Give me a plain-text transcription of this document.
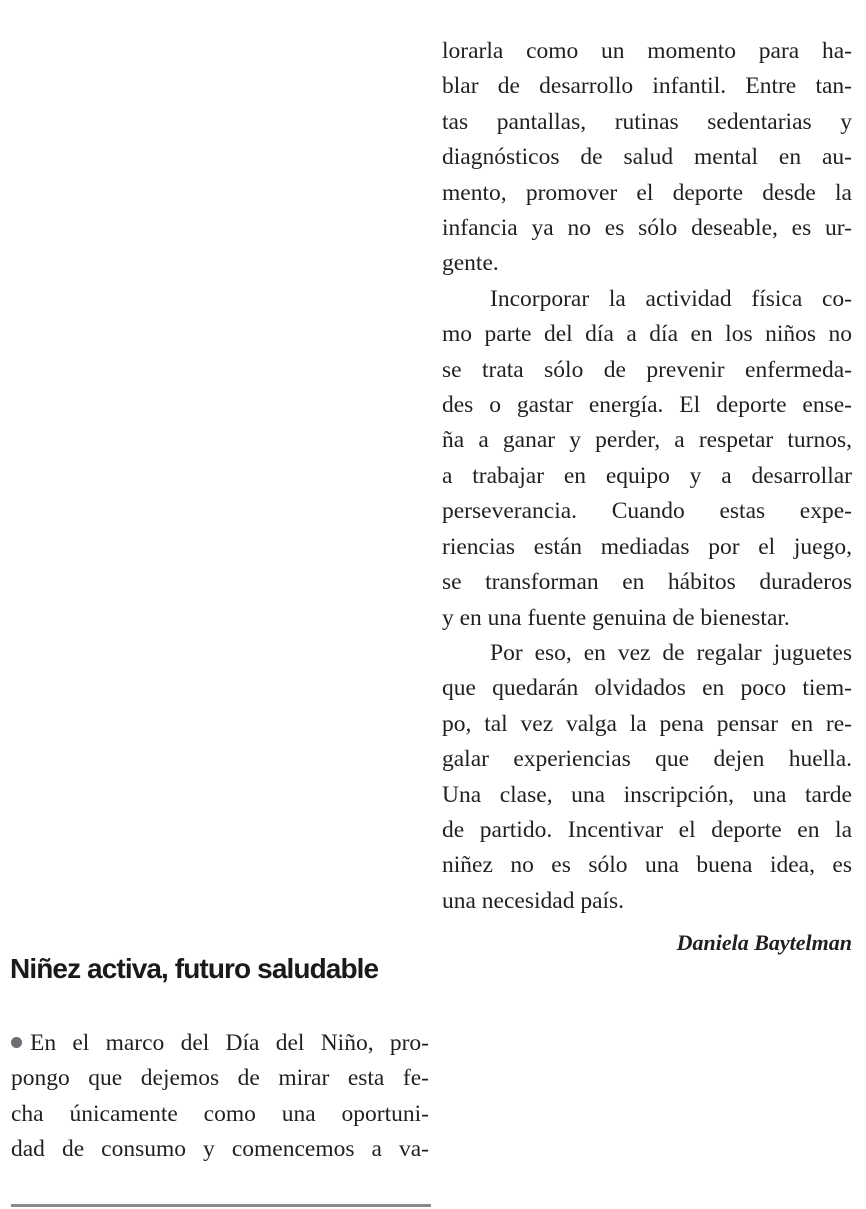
lorarla como un momento para ha-

blar de desarrollo infantil. Entre tan-

tas pantallas, rutinas sedentarias y

diagnósticos de salud mental en au-

mento, promover el deporte desde la

infancia ya no es sólo deseable, es ur-

gente.

Incorporar la actividad física co-

mo parte del día a día en los niños no

se trata sólo de prevenir enfermeda-

des o gastar energía. El deporte ense-

ña a ganar y perder, a respetar turnos,

a trabajar en equipo y a desarrollar

perseverancia. Cuando estas expe-

riencias están mediadas por el juego,

se transforman en hábitos duraderos

y en una fuente genuina de bienestar.

Por eso, en vez de regalar juguetes

que quedarán olvidados en poco tiem-

po, tal vez valga la pena pensar en re-

galar experiencias que dejen huella.

Una clase, una inscripción, una tarde

de partido. Incentivar el deporte en la

niñez no es sólo una buena idea, es

una necesidad país.

Daniela Baytelman
Niñez activa, futuro saludable

En el marco del Día del Niño, pro-

pongo que dejemos de mirar esta fe-

cha únicamente como una oportuni-

dad de consumo y comencemos a va-
